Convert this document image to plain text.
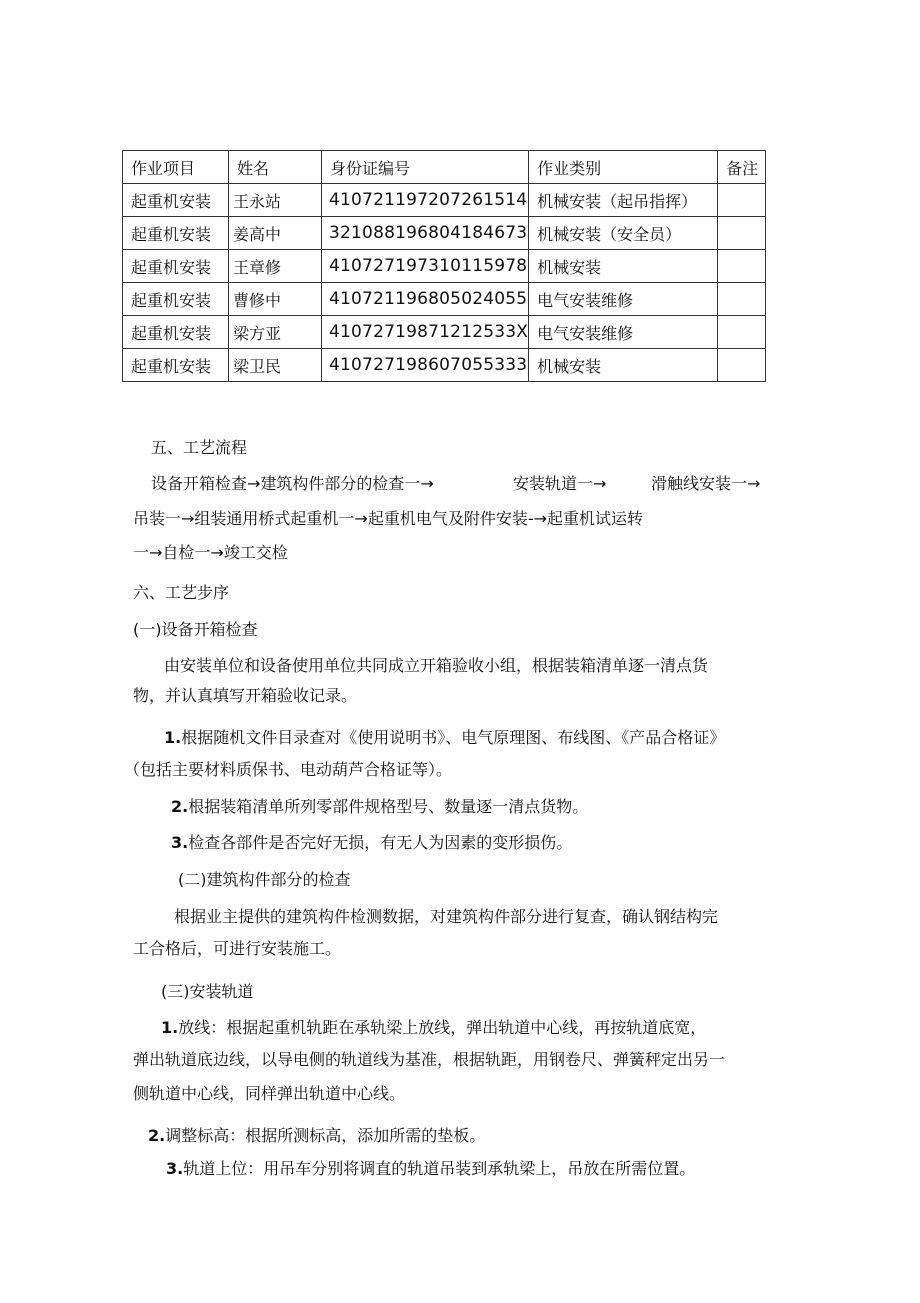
作业项目	姓名	身份证编号	作业类别	备注
起重机安装	王永站	410721197207261514	机械安装（起吊指挥）	
起重机安装	姜高中	321088196804184673	机械安装（安全员）	
起重机安装	王章修	410727197310115978	机械安装	
起重机安装	曹修中	410721196805024055	电气安装维修	
起重机安装	梁方亚	41072719871212533X	电气安装维修	
起重机安装	梁卫民	410727198607055333	机械安装	
五、工艺流程
设备开箱检查→建筑构件部分的检查一→	安装轨道一→	滑触线安装一→
吊装一→组装通用桥式起重机一→起重机电气及附件安装-→起重机试运转
一→自检一→竣工交检
六、工艺步序
(一)设备开箱检查
由安装单位和设备使用单位共同成立开箱验收小组，根据装箱清单逐一清点货
物，并认真填写开箱验收记录。
1.根据随机文件目录查对《使用说明书》、电气原理图、布线图、《产品合格证》
（包括主要材料质保书、电动葫芦合格证等）。
2.根据装箱清单所列零部件规格型号、数量逐一清点货物。
3.检查各部件是否完好无损，有无人为因素的变形损伤。
(二)建筑构件部分的检查
根据业主提供的建筑构件检测数据，对建筑构件部分进行复查，确认钢结构完
工合格后，可进行安装施工。
(三)安装轨道
1.放线：根据起重机轨距在承轨梁上放线，弹出轨道中心线，再按轨道底宽，
弹出轨道底边线，以导电侧的轨道线为基准，根据轨距，用钢卷尺、弹簧秤定出另一
侧轨道中心线，同样弹出轨道中心线。
2.调整标高：根据所测标高，添加所需的垫板。
3.轨道上位：用吊车分别将调直的轨道吊装到承轨梁上，吊放在所需位置。
